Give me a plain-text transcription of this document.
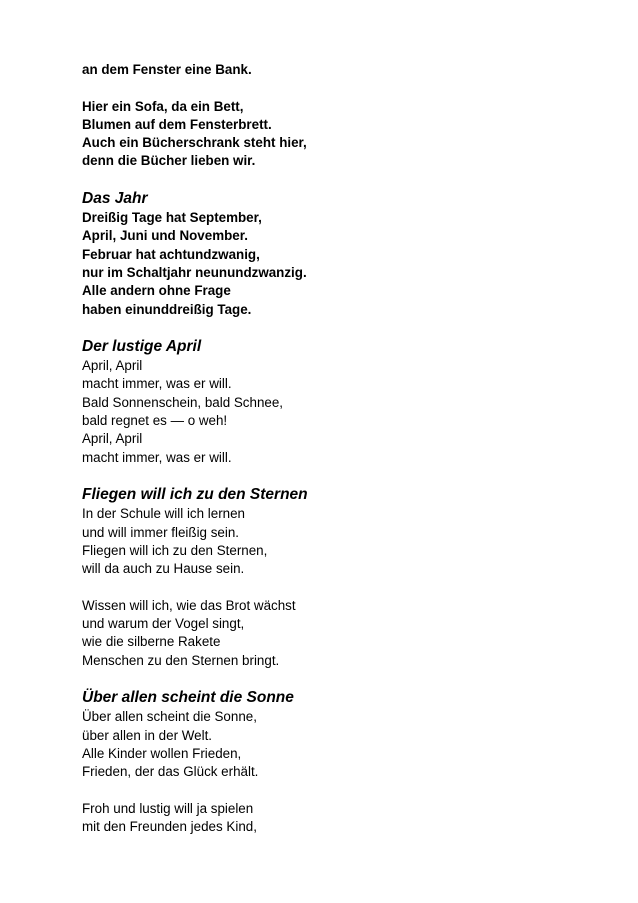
an dem Fenster eine Bank.
Hier ein Sofa, da ein Bett,
Blumen auf dem Fensterbrett.
Auch ein Bücherschrank steht hier,
denn die Bücher lieben wir.
Das Jahr
Dreißig Tage hat September,
April, Juni und November.
Februar hat achtundzwanig,
nur im Schaltjahr neunundzwanzig.
Alle andern ohne Frage
haben einunddreißig Tage.
Der lustige April
April, April
macht immer, was er will.
Bald Sonnenschein, bald Schnee,
bald regnet es — o weh!
April, April
macht immer, was er will.
Fliegen will ich zu den Sternen
In der Schule will ich lernen
und will immer fleißig sein.
Fliegen will ich zu den Sternen,
will da auch zu Hause sein.
Wissen will ich, wie das Brot wächst
und warum der Vogel singt,
wie die silberne Rakete
Menschen zu den Sternen bringt.
Über allen scheint die Sonne
Über allen scheint die Sonne,
über allen in der Welt.
Alle Kinder wollen Frieden,
Frieden, der das Glück erhält.
Froh und lustig will ja spielen
mit den Freunden jedes Kind,
